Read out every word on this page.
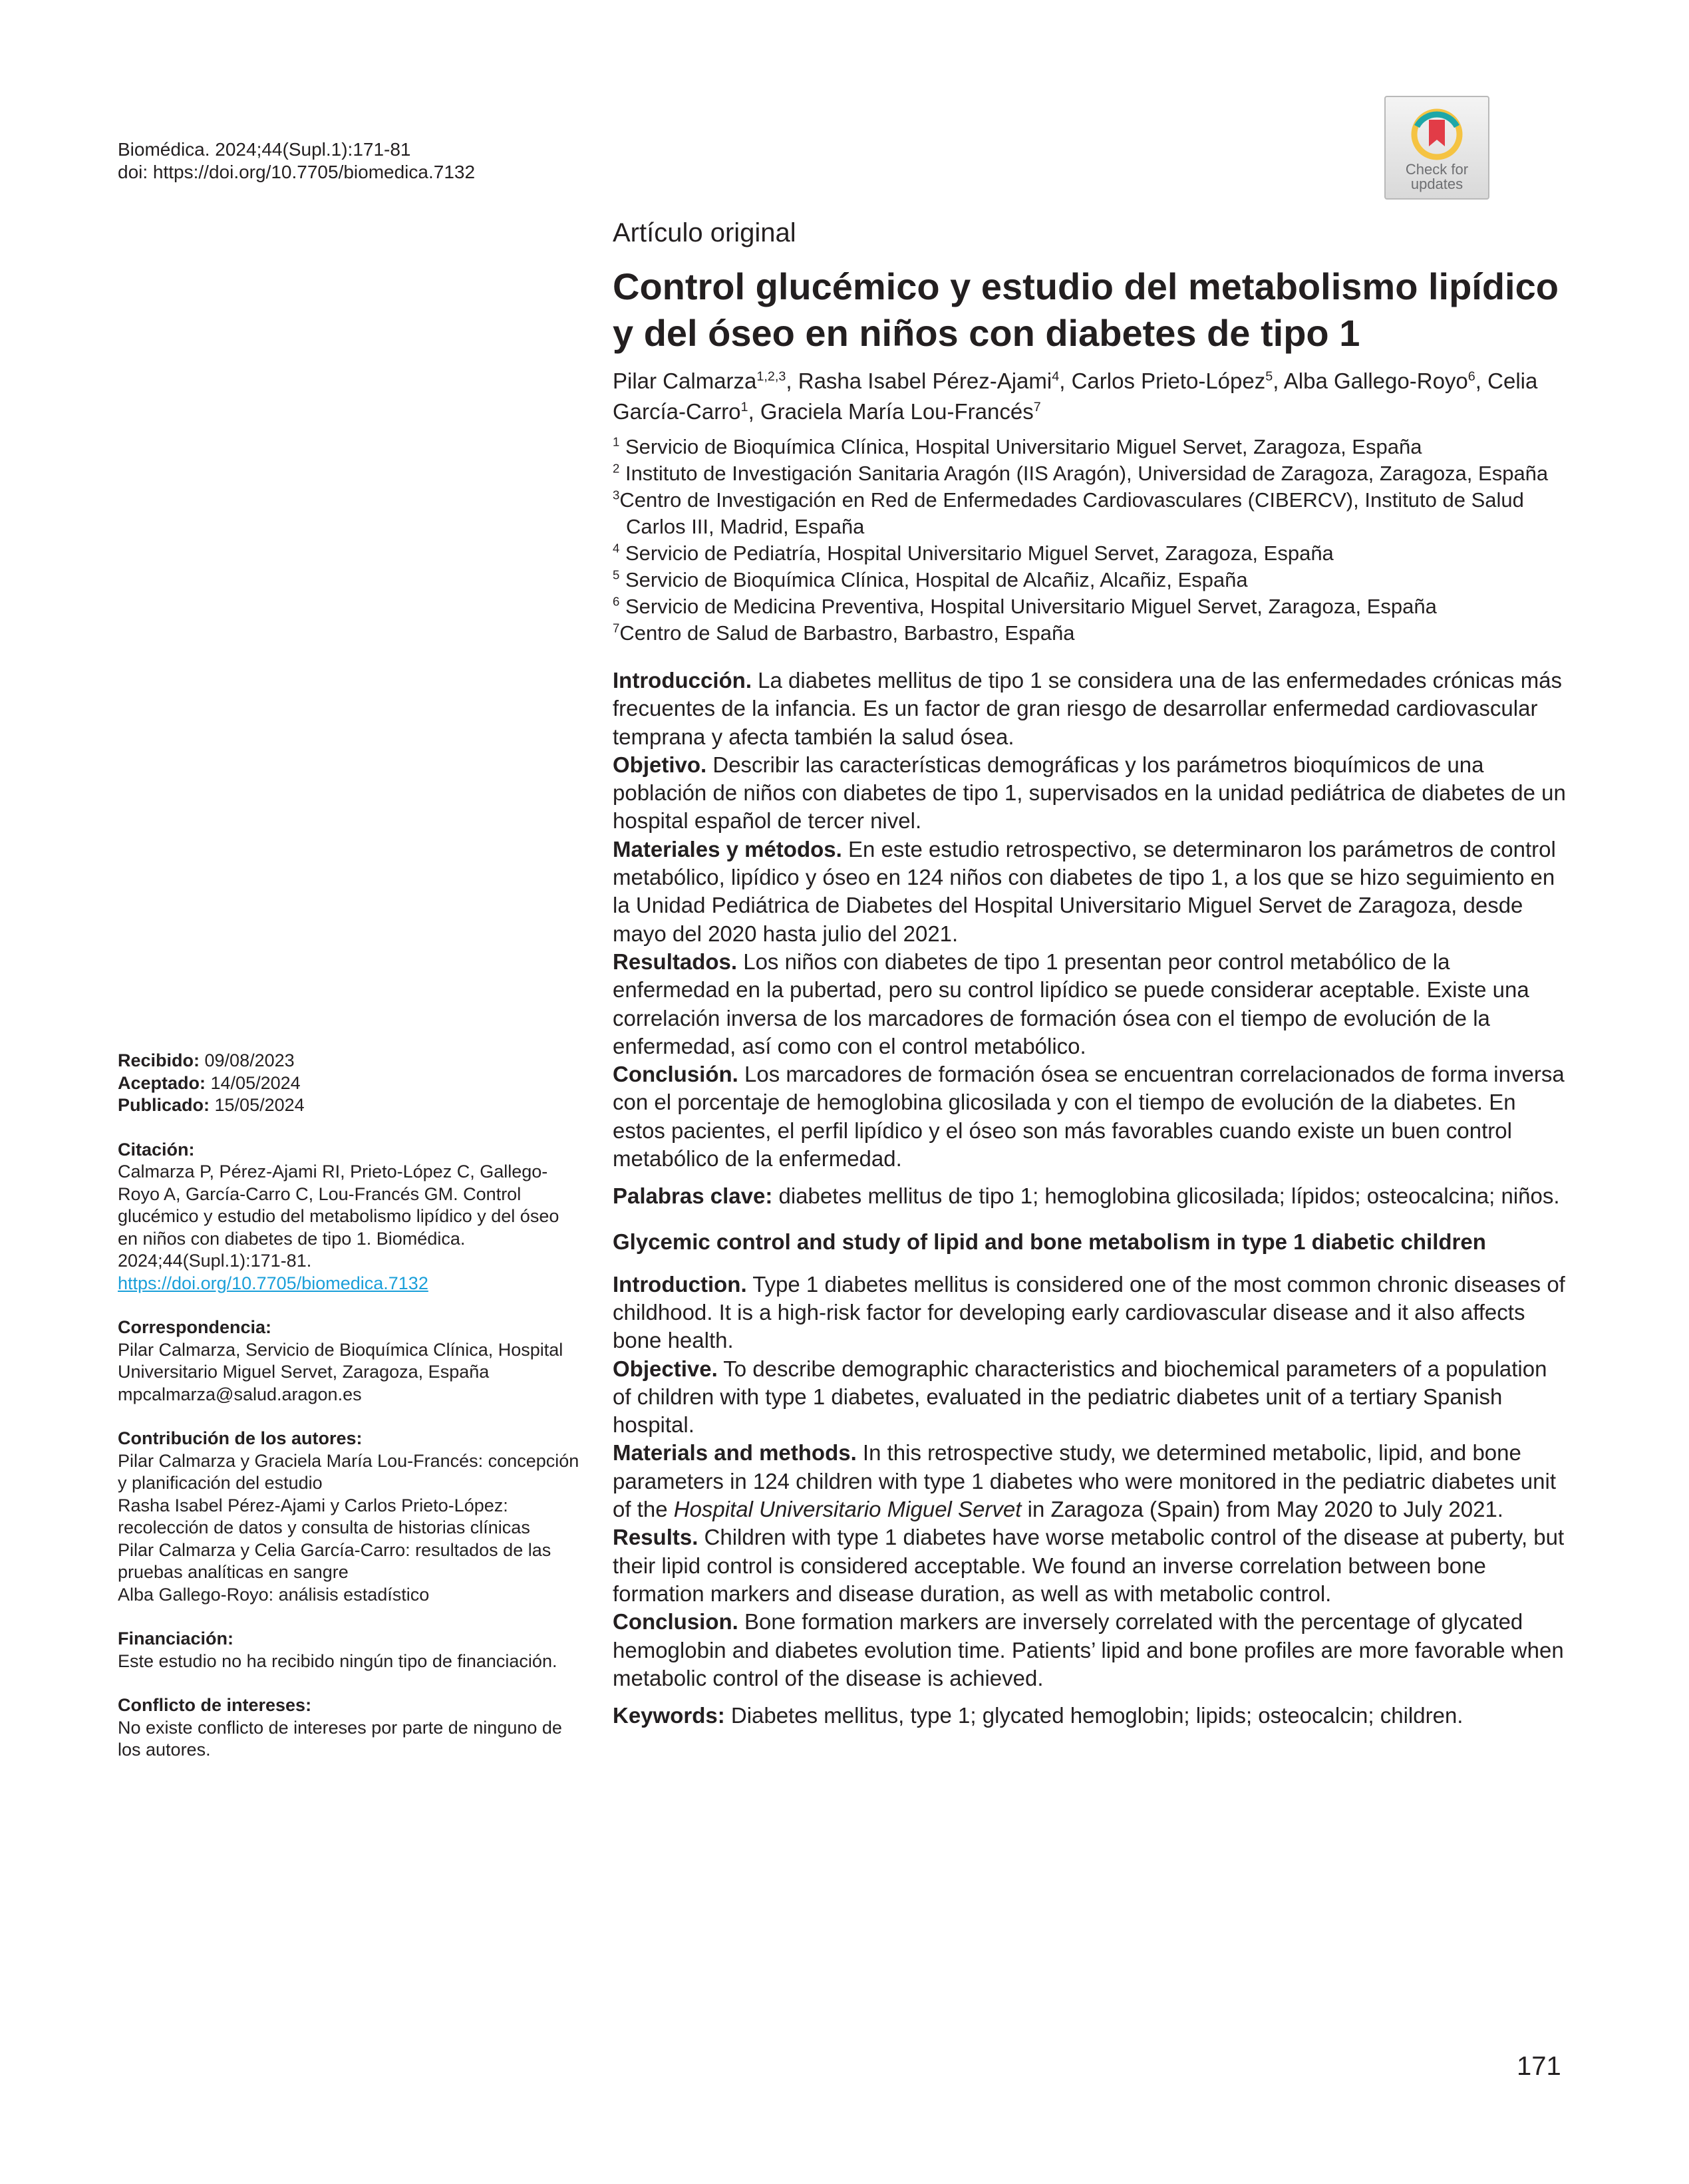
Biomédica. 2024;44(Supl.1):171-81
doi: https://doi.org/10.7705/biomedica.7132	Check for
updates
Artículo original
Control glucémico y estudio del metabolismo lipídico y del óseo en niños con diabetes de tipo 1
Pilar Calmarza$^{1,2,3}$, Rasha Isabel Pérez-Ajami$^4$, Carlos Prieto-López$^5$, Alba Gallego-Royo$^6$, Celia García-Carro$^1$, Graciela María Lou-Francés$^7$
$^1$ Servicio de Bioquímica Clínica, Hospital Universitario Miguel Servet, Zaragoza, España
$^2$ Instituto de Investigación Sanitaria Aragón (IIS Aragón), Universidad de Zaragoza, Zaragoza, España
$^3$Centro de Investigación en Red de Enfermedades Cardiovasculares (CIBERCV), Instituto de Salud Carlos III, Madrid, España
$^4$ Servicio de Pediatría, Hospital Universitario Miguel Servet, Zaragoza, España
$^5$ Servicio de Bioquímica Clínica, Hospital de Alcañiz, Alcañiz, España
$^6$ Servicio de Medicina Preventiva, Hospital Universitario Miguel Servet, Zaragoza, España
$^7$Centro de Salud de Barbastro, Barbastro, España
Introducción. La diabetes mellitus de tipo 1 se considera una de las enfermedades crónicas más frecuentes de la infancia. Es un factor de gran riesgo de desarrollar enfermedad cardiovascular temprana y afecta también la salud ósea.
Objetivo. Describir las características demográficas y los parámetros bioquímicos de una población de niños con diabetes de tipo 1, supervisados en la unidad pediátrica de diabetes de un hospital español de tercer nivel.
Materiales y métodos. En este estudio retrospectivo, se determinaron los parámetros de control metabólico, lipídico y óseo en 124 niños con diabetes de tipo 1, a los que se hizo seguimiento en la Unidad Pediátrica de Diabetes del Hospital Universitario Miguel Servet de Zaragoza, desde mayo del 2020 hasta julio del 2021.
Resultados. Los niños con diabetes de tipo 1 presentan peor control metabólico de la enfermedad en la pubertad, pero su control lipídico se puede considerar aceptable. Existe una correlación inversa de los marcadores de formación ósea con el tiempo de evolución de la enfermedad, así como con el control metabólico.
Conclusión. Los marcadores de formación ósea se encuentran correlacionados de forma inversa con el porcentaje de hemoglobina glicosilada y con el tiempo de evolución de la diabetes. En estos pacientes, el perfil lipídico y el óseo son más favorables cuando existe un buen control metabólico de la enfermedad.
Palabras clave: diabetes mellitus de tipo 1; hemoglobina glicosilada; lípidos; osteocalcina; niños.
Glycemic control and study of lipid and bone metabolism in type 1 diabetic children
Introduction. Type 1 diabetes mellitus is considered one of the most common chronic diseases of childhood. It is a high-risk factor for developing early cardiovascular disease and it also affects bone health.
Objective. To describe demographic characteristics and biochemical parameters of a population of children with type 1 diabetes, evaluated in the pediatric diabetes unit of a tertiary Spanish hospital.
Materials and methods. In this retrospective study, we determined metabolic, lipid, and bone parameters in 124 children with type 1 diabetes who were monitored in the pediatric diabetes unit of the Hospital Universitario Miguel Servet in Zaragoza (Spain) from May 2020 to July 2021.
Results. Children with type 1 diabetes have worse metabolic control of the disease at puberty, but their lipid control is considered acceptable. We found an inverse correlation between bone formation markers and disease duration, as well as with metabolic control.
Conclusion. Bone formation markers are inversely correlated with the percentage of glycated hemoglobin and diabetes evolution time. Patients’ lipid and bone profiles are more favorable when metabolic control of the disease is achieved.
Keywords: Diabetes mellitus, type 1; glycated hemoglobin; lipids; osteocalcin; children.
Recibido: 09/08/2023
Aceptado: 14/05/2024
Publicado: 15/05/2024
Citación:
Calmarza P, Pérez-Ajami RI, Prieto-López C, Gallego-Royo A, García-Carro C, Lou-Francés GM. Control glucémico y estudio del metabolismo lipídico y del óseo en niños con diabetes de tipo 1. Biomédica. 2024;44(Supl.1):171-81.
https://doi.org/10.7705/biomedica.7132
Correspondencia:
Pilar Calmarza, Servicio de Bioquímica Clínica, Hospital Universitario Miguel Servet, Zaragoza, España
mpcalmarza@salud.aragon.es
Contribución de los autores:
Pilar Calmarza y Graciela María Lou-Francés: concepción y planificación del estudio
Rasha Isabel Pérez-Ajami y Carlos Prieto-López: recolección de datos y consulta de historias clínicas
Pilar Calmarza y Celia García-Carro: resultados de las pruebas analíticas en sangre
Alba Gallego-Royo: análisis estadístico
Financiación:
Este estudio no ha recibido ningún tipo de financiación.
Conflicto de intereses:
No existe conflicto de intereses por parte de ninguno de los autores.
171
